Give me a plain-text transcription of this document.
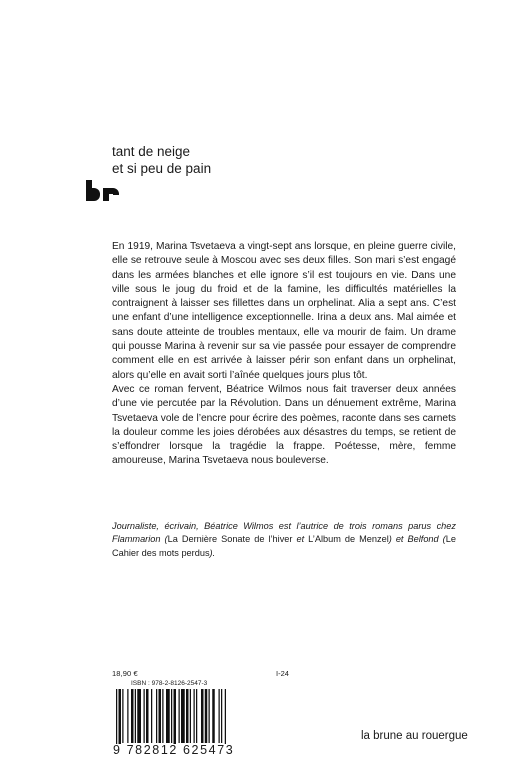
tant de neige
et si peu de pain

En 1919, Marina Tsvetaeva a vingt-sept ans lorsque, en pleine guerre civile, elle se retrouve seule à Moscou avec ses deux filles. Son mari s’est engagé dans les armées blanches et elle ignore s’il est toujours en vie. Dans une ville sous le joug du froid et de la famine, les difficultés matérielles la contraignent à laisser ses fillettes dans un orphelinat. Alia a sept ans. C’est une enfant d’une intelligence exceptionnelle. Irina a deux ans. Mal aimée et sans doute atteinte de troubles mentaux, elle va mourir de faim. Un drame qui pousse Marina à revenir sur sa vie passée pour essayer de comprendre comment elle en est arrivée à laisser périr son enfant dans un orphelinat, alors qu’elle en avait sorti l’aînée quelques jours plus tôt.

Avec ce roman fervent, Béatrice Wilmos nous fait traverser deux années d’une vie percutée par la Révolution. Dans un dénuement extrême, Marina Tsvetaeva vole de l’encre pour écrire des poèmes, raconte dans ses carnets la douleur comme les joies dérobées aux désastres du temps, se retient de s’effondrer lorsque la tragédie la frappe. Poétesse, mère, femme amoureuse, Marina Tsvetaeva nous bouleverse.

Journaliste, écrivain, Béatrice Wilmos est l’autrice de trois romans parus chez Flammarion (La Dernière Sonate de l’hiver et L’Album de Menzel) et Belfond (Le Cahier des mots perdus).

18,90 €	I-24
ISBN : 978-2-8126-2547-3
9 782812 625473
la brune au rouergue
